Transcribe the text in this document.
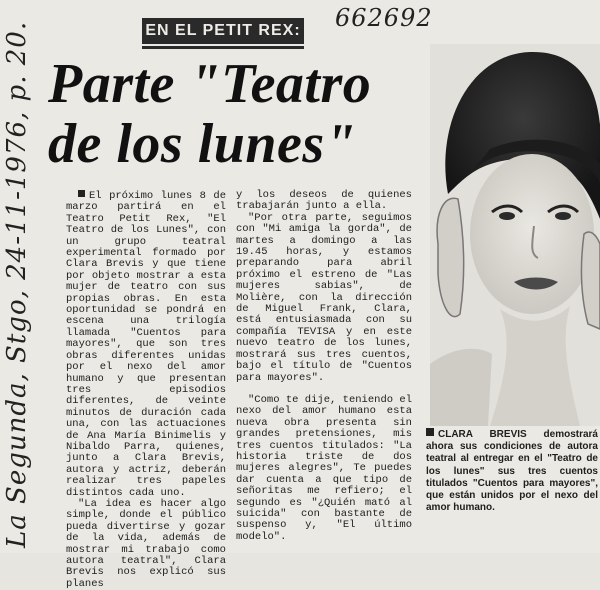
662692
EN EL PETIT REX:
Parte "Teatro
de los lunes"
La Segunda, Stgo, 24-11-1976, p. 20.	El próximo lunes 8 de marzo partirá en el Teatro Petit Rex, "El Teatro de los Lunes", con un grupo teatral experimental formado por Clara Brevis y que tiene por objeto mostrar a esta mujer de teatro con sus propias obras. En esta oportunidad se pondrá en escena una trilogía llamada "Cuentos para mayores", que son tres obras diferentes unidas por el nexo del amor humano y que presentan tres episodios diferentes, de veinte minutos de duración cada una, con las actuaciones de Ana María Binimelis y Nibaldo Parra, quienes, junto a Clara Brevis, autora y actriz, deberán realizar tres papeles distintos cada uno.

"La idea es hacer algo simple, donde el público pueda divertirse y gozar de la vida, además de mostrar mi trabajo como autora teatral", Clara Brevis nos explicó sus planes

y los deseos de quienes trabajarán junto a ella.

"Por otra parte, seguimos con "Mi amiga la gorda", de martes a domingo a las 19.45 horas, y estamos preparando para abril próximo el estreno de "Las mujeres sabias", de Molière, con la dirección de Miguel Frank, Clara, está entusiasmada con su compañía TEVISA y en este nuevo teatro de los lunes, mostrará sus tres cuentos, bajo el título de "Cuentos para mayores".

"Como te dije, teniendo el nexo del amor humano esta nueva obra presenta sin grandes pretensiones, mis tres cuentos titulados: "La historia triste de dos mujeres alegres", Te puedes dar cuenta a que tipo de señoritas me refiero; el segundo es "¿Quién mató al suicida" con bastante de suspenso y, "El último modelo".

CLARA BREVIS demostrará ahora sus condiciones de autora teatral al entregar en el "Teatro de los lunes" sus tres cuentos titulados "Cuentos para mayores", que están unidos por el nexo del amor humano.
